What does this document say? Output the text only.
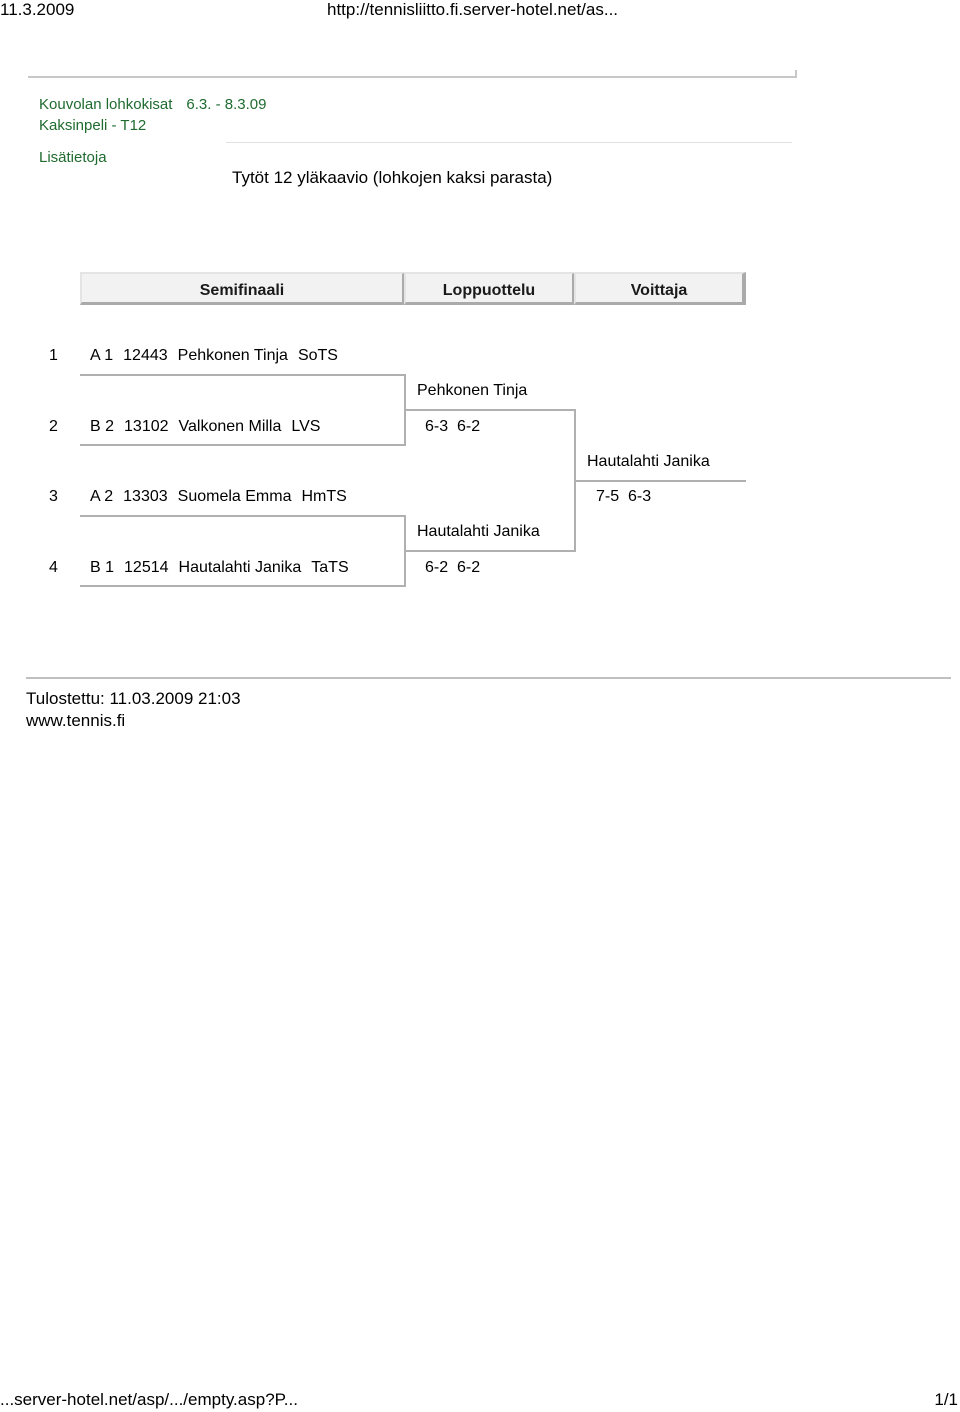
11.3.2009	http://tennisliitto.fi.server-hotel.net/as...
Kouvolan lohkokisat 6.3. - 8.3.09
Kaksinpeli - T12
Lisätietoja
Tytöt 12 yläkaavio (lohkojen kaksi parasta)
Semifinaali	Loppuottelu	Voittaja
1	A 1 12443 Pehkonen Tinja SoTS
2	B 2 13102 Valkonen Milla LVS
Pehkonen Tinja
6-3  6-2
3	A 2 13303 Suomela Emma HmTS
4	B 1 12514 Hautalahti Janika TaTS
Hautalahti Janika
6-2  6-2
Hautalahti Janika
7-5  6-3
Tulostettu: 11.03.2009 21:03
www.tennis.fi
...server-hotel.net/asp/.../empty.asp?P...	1/1
